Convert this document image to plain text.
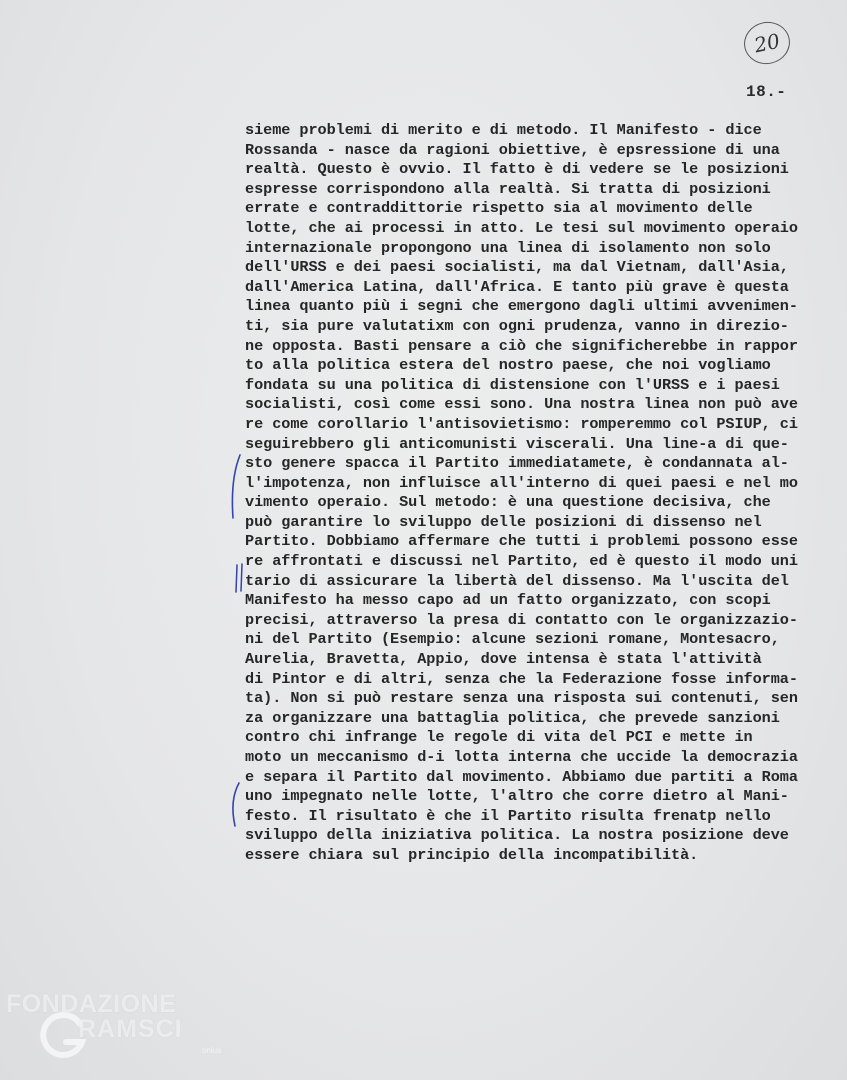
20
18.-
sieme problemi di merito e di metodo. Il Manifesto - dice
Rossanda - nasce da ragioni obiettive, è epsressione di una
realtà. Questo è ovvio. Il fatto è di vedere se le posizioni
espresse corrispondono alla realtà. Si tratta di posizioni
errate e contraddittorie rispetto sia al movimento delle
lotte, che ai processi in atto. Le tesi sul movimento operaio
internazionale propongono una linea di isolamento non solo
dell'URSS e dei paesi socialisti, ma dal Vietnam, dall'Asia,
dall'America Latina, dall'Africa. E tanto più grave è questa
linea quanto più i segni che emergono dagli ultimi avvenimen-
ti, sia pure valutatixm con ogni prudenza, vanno in direzio-
ne opposta. Basti pensare a ciò che significherebbe in rappor
to alla politica estera del nostro paese, che noi vogliamo
fondata su una politica di distensione con l'URSS e i paesi
socialisti, così come essi sono. Una nostra linea non può ave
re come corollario l'antisovietismo: romperemmo col PSIUP, ci
seguirebbero gli anticomunisti viscerali. Una line-a di que-
sto genere spacca il Partito immediatamete, è condannata al-
l'impotenza, non influisce all'interno di quei paesi e nel mo
vimento operaio. Sul metodo: è una questione decisiva, che
può garantire lo sviluppo delle posizioni di dissenso nel
Partito. Dobbiamo affermare che tutti i problemi possono esse
re affrontati e discussi nel Partito, ed è questo il modo uni
tario di assicurare la libertà del dissenso. Ma l'uscita del
Manifesto ha messo capo ad un fatto organizzato, con scopi
precisi, attraverso la presa di contatto con le organizzazio-
ni del Partito (Esempio: alcune sezioni romane, Montesacro,
Aurelia, Bravetta, Appio, dove intensa è stata l'attività
di Pintor e di altri, senza che la Federazione fosse informa-
ta). Non si può restare senza una risposta sui contenuti, sen
za organizzare una battaglia politica, che prevede sanzioni
contro chi infrange le regole di vita del PCI e mette in
moto un meccanismo d-i lotta interna che uccide la democrazia
e separa il Partito dal movimento. Abbiamo due partiti a Roma
uno impegnato nelle lotte, l'altro che corre dietro al Mani-
festo. Il risultato è che il Partito risulta frenatp nello
sviluppo della iniziativa politica. La nostra posizione deve
essere chiara sul principio della incompatibilità.
FONDAZIONE
RAMSCI
onlus
